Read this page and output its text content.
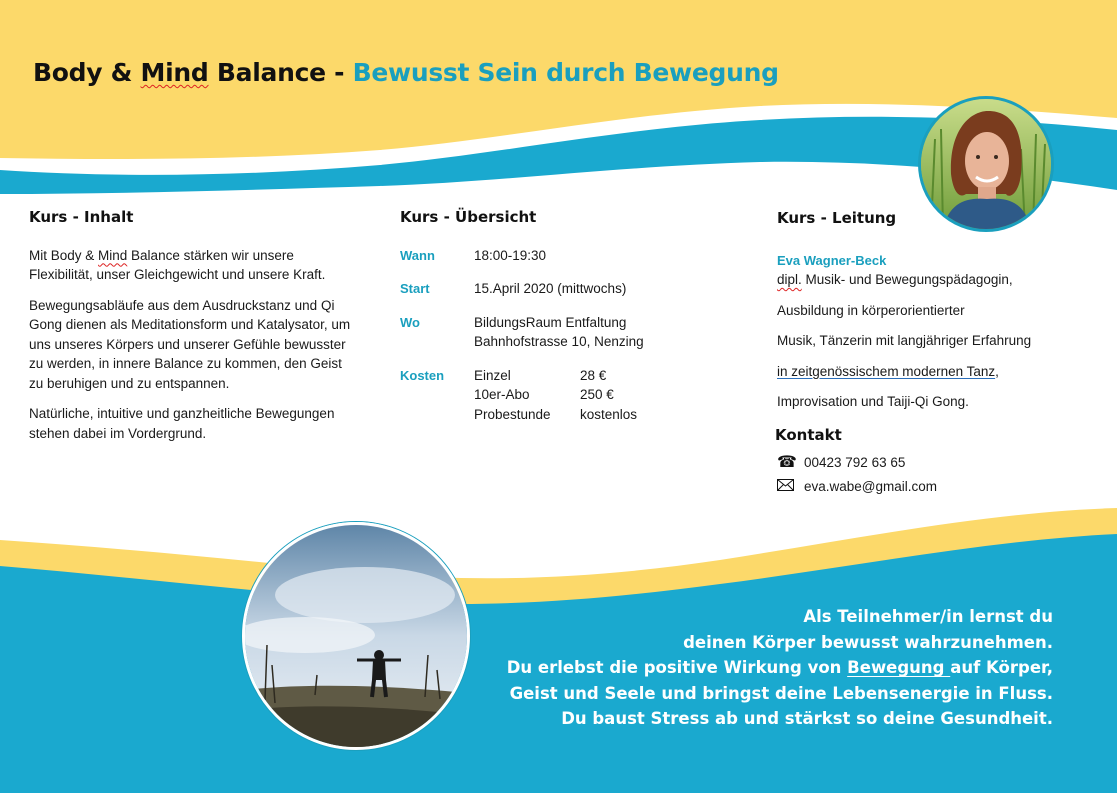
Body & Mind Balance - Bewusst Sein durch Bewegung
Kurs - Inhalt

Mit Body & Mind Balance stärken wir unsere Flexibilität, unser Gleichgewicht und unsere Kraft.

Bewegungsabläufe aus dem Ausdruckstanz und Qi Gong dienen als Meditationsform und Katalysator, um uns unseres Körpers und unserer Gefühle bewusster zu werden, in innere Balance zu kommen, den Geist zu beruhigen und zu entspannen.

Natürliche, intuitive und ganzheitliche Bewegungen stehen dabei im Vordergrund.

Kurs - Übersicht
Wann	18:00-19:30
Start	15.April 2020 (mittwochs)
Wo	BildungsRaum Entfaltung
Bahnhofstrasse 10, Nenzing
Kosten	Einzel	28 €
10er-Abo	250 €
Probestunde	kostenlos
Kurs - Leitung
Eva Wagner-Beck

dipl. Musik- und Bewegungspädagogin,

Ausbildung in körperorientierter

Musik, Tänzerin mit langjähriger Erfahrung

in zeitgenössischem modernen Tanz,

Improvisation und Taiji-Qi Gong.

Kontakt
☎ 00423 792 63 65
eva.wabe@gmail.com

Als Teilnehmer/in lernst du
deinen Körper bewusst wahrzunehmen.
Du erlebst die positive Wirkung von Bewegung auf Körper,
Geist und Seele und bringst deine Lebensenergie in Fluss.
Du baust Stress ab und stärkst so deine Gesundheit.
